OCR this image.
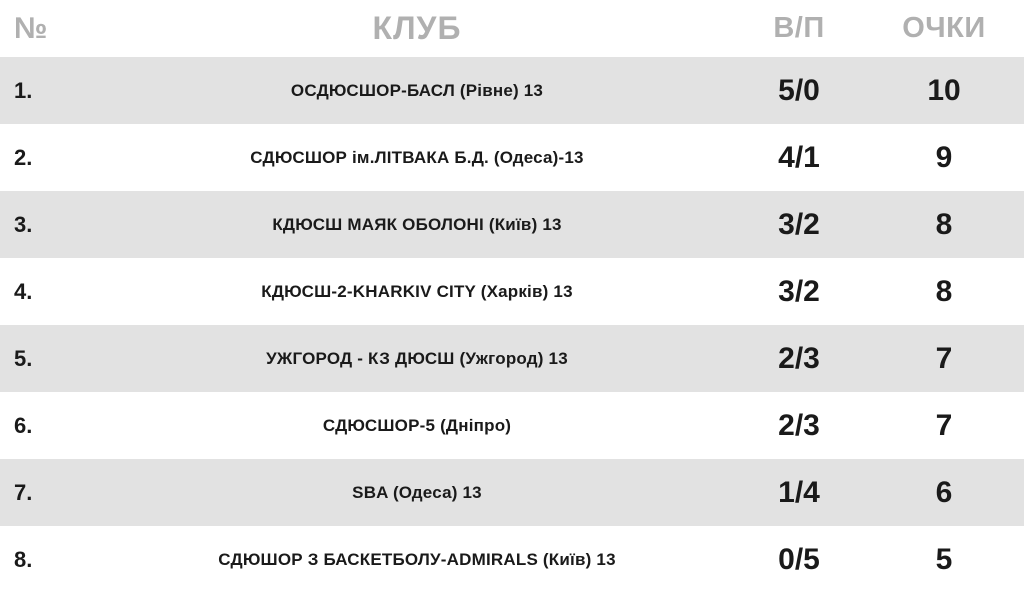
№	КЛУБ	В/П	ОЧКИ
1.	ОСДЮСШОР-БАСЛ (Рівне) 13	5/0	10
2.	СДЮСШОР ім.ЛІТВАКА Б.Д. (Одеса)-13	4/1	9
3.	КДЮСШ МАЯК ОБОЛОНІ (Київ) 13	3/2	8
4.	КДЮСШ-2-KHARKIV CITY (Харків) 13	3/2	8
5.	УЖГОРОД - КЗ ДЮСШ (Ужгород) 13	2/3	7
6.	СДЮСШОР-5 (Дніпро)	2/3	7
7.	SBA (Одеса) 13	1/4	6
8.	СДЮШОР З БАСКЕТБОЛУ-ADMIRALS (Київ) 13	0/5	5
